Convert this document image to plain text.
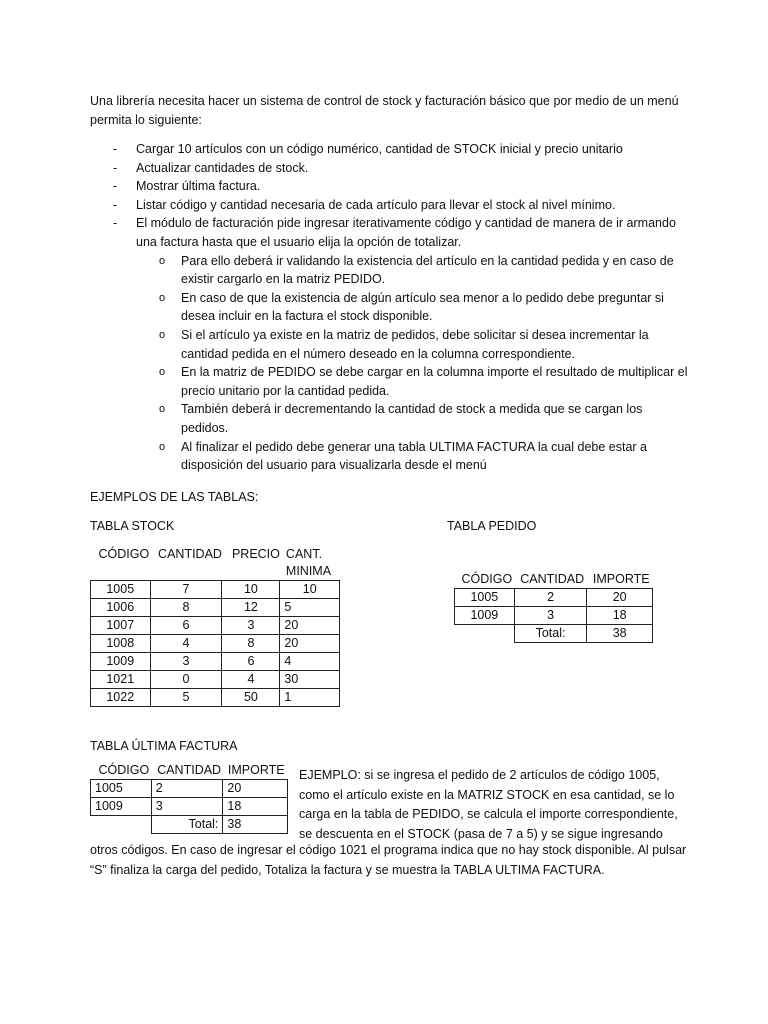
Una librería necesita hacer un sistema de control de stock y facturación básico que por medio de un menú permita lo siguiente:

- Cargar 10 artículos con un código numérico, cantidad de STOCK inicial y precio unitario
- Actualizar cantidades de stock.
- Mostrar última factura.
- Listar código y cantidad necesaria de cada artículo para llevar el stock al nivel mínimo.
- El módulo de facturación pide ingresar iterativamente código y cantidad de manera de ir armando una factura hasta que el usuario elija la opción de totalizar.
o Para ello deberá ir validando la existencia del artículo en la cantidad pedida y en caso de existir cargarlo en la matriz PEDIDO.
o En caso de que la existencia de algún artículo sea menor a lo pedido debe preguntar si desea incluir en la factura el stock disponible.
o Si el artículo ya existe en la matriz de pedidos, debe solicitar si desea incrementar la cantidad pedida en el número deseado en la columna correspondiente.
o En la matriz de PEDIDO se debe cargar en la columna importe el resultado de multiplicar el precio unitario por la cantidad pedida.
o También deberá ir decrementando la cantidad de stock a medida que se cargan los pedidos.
o Al finalizar el pedido debe generar una tabla ULTIMA FACTURA la cual debe estar a disposición del usuario para visualizarla desde el menú

EJEMPLOS DE LAS TABLAS:

TABLA STOCK	TABLA PEDIDO

CÓDIGO	CANTIDAD	PRECIO	CANT.
MINIMA
1005	7	10	10
1006	8	12	5
1007	6	3	20
1008	4	8	20
1009	3	6	4
1021	0	4	30
1022	5	50	1
CÓDIGO	CANTIDAD	IMPORTE
1005	2	20
1009	3	18
	Total:	38

TABLA ÚLTIMA FACTURA

CÓDIGO	CANTIDAD	IMPORTE
1005	2	20
1009	3	18
	Total:	38

EJEMPLO: si se ingresa el pedido de 2 artículos de código 1005, como el artículo existe en la MATRIZ STOCK en esa cantidad, se lo carga en la tabla de PEDIDO, se calcula el importe correspondiente, se descuenta en el STOCK (pasa de 7 a 5) y se sigue ingresando

otros códigos. En caso de ingresar el código 1021 el programa indica que no hay stock disponible. Al pulsar “S” finaliza la carga del pedido, Totaliza la factura y se muestra la TABLA ULTIMA FACTURA.
